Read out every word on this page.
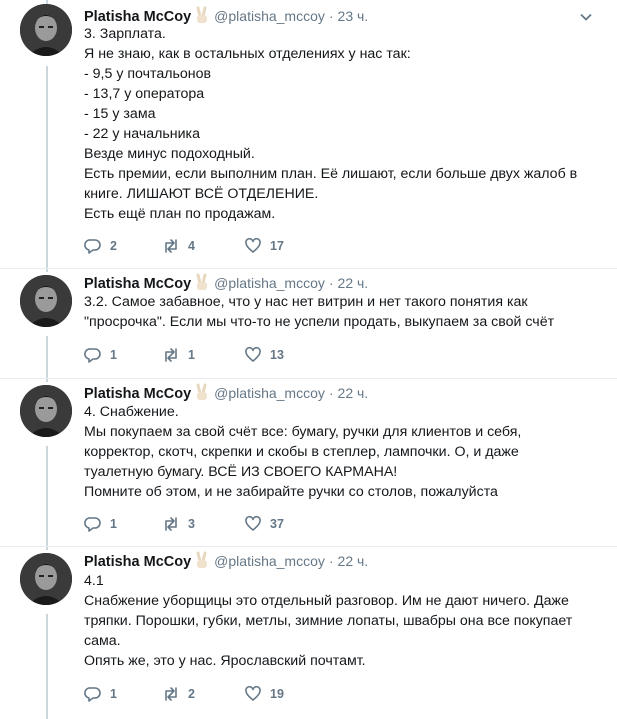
Platisha McCoy @platisha_mccoy · 23 ч.
3. Зарплата.
Я не знаю, как в остальных отделениях у нас так:
- 9,5 у почтальонов
- 13,7 у оператора
- 15 у зама
- 22 у начальника
Везде минус подоходный.
Есть премии, если выполним план. Её лишают, если больше двух жалоб в
книге. ЛИШАЮТ ВСЁ ОТДЕЛЕНИЕ.
Есть ещё план по продажам.
2	4	17
Platisha McCoy @platisha_mccoy · 22 ч.
3.2. Самое забавное, что у нас нет витрин и нет такого понятия как
"просрочка". Если мы что-то не успели продать, выкупаем за свой счёт
1	1	13
Platisha McCoy @platisha_mccoy · 22 ч.
4. Снабжение.
Мы покупаем за свой счёт все: бумагу, ручки для клиентов и себя,
корректор, скотч, скрепки и скобы в степлер, лампочки. О, и даже
туалетную бумагу. ВСЁ ИЗ СВОЕГО КАРМАНА!
Помните об этом, и не забирайте ручки со столов, пожалуйста
1	3	37
Platisha McCoy @platisha_mccoy · 22 ч.
4.1
Снабжение уборщицы это отдельный разговор. Им не дают ничего. Даже
тряпки. Порошки, губки, метлы, зимние лопаты, швабры она все покупает
сама.
Опять же, это у нас. Ярославский почтамт.
1	2	19
